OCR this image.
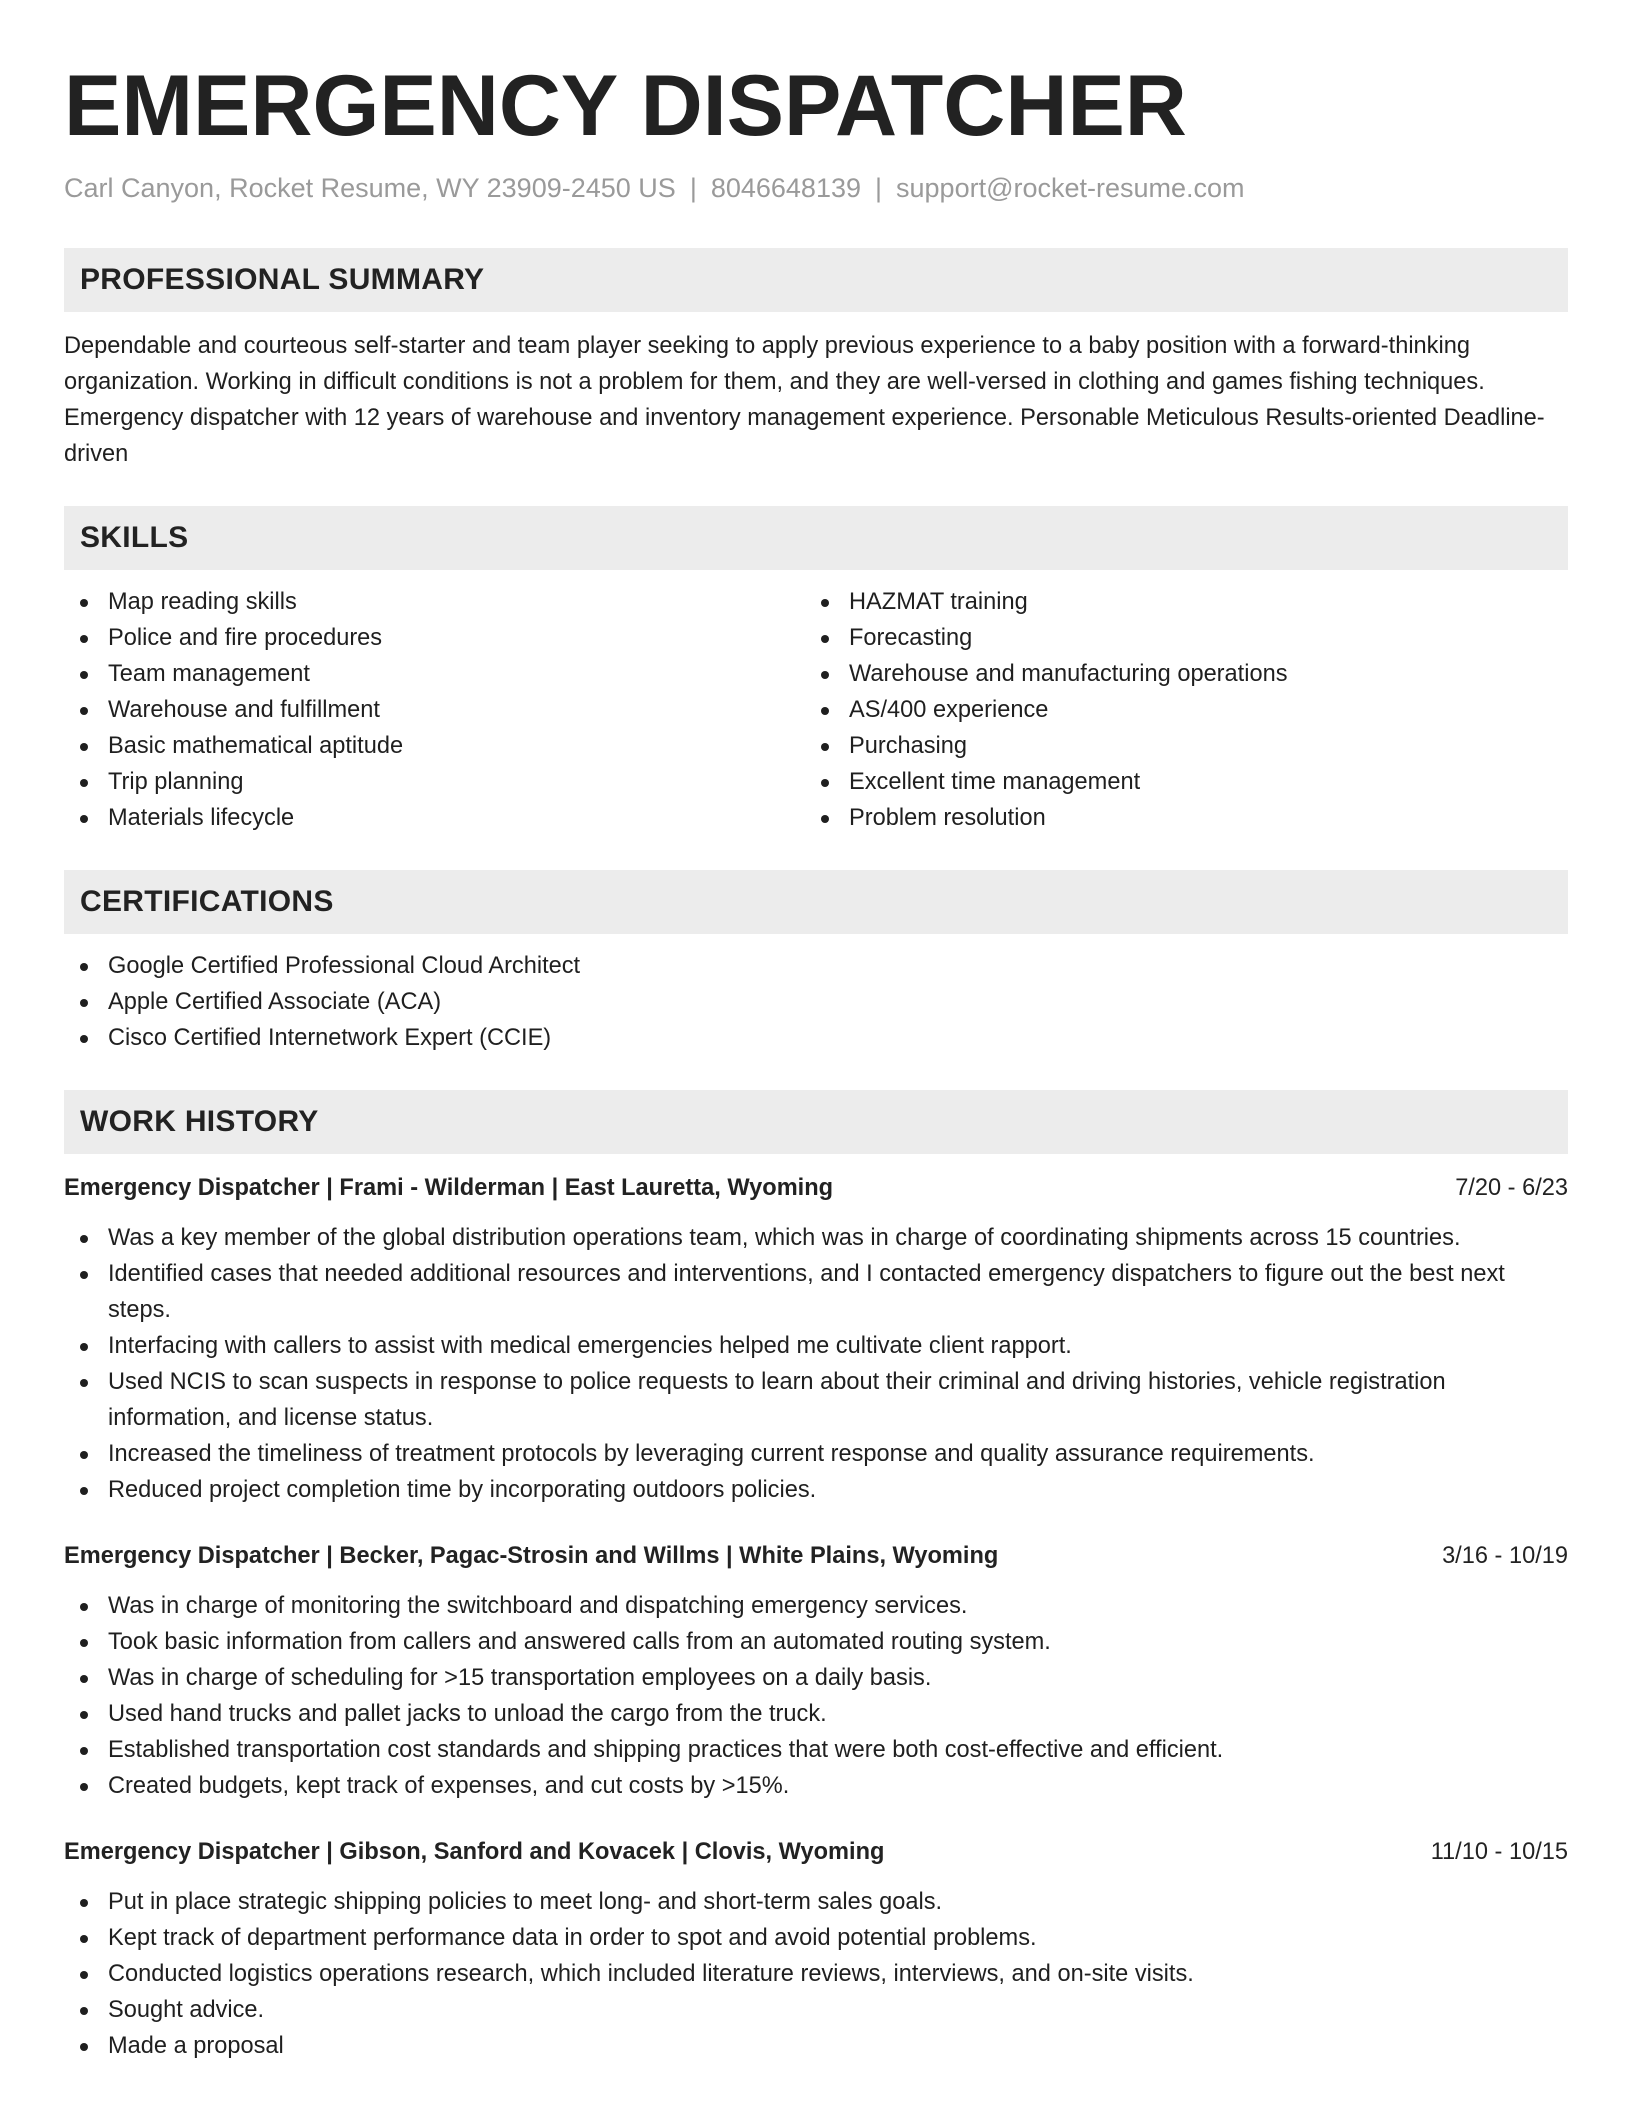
EMERGENCY DISPATCHER
Carl Canyon, Rocket Resume, WY 23909-2450 US | 8046648139 | support@rocket-resume.com
PROFESSIONAL SUMMARY

Dependable and courteous self-starter and team player seeking to apply previous experience to a baby position with a forward-thinking organization. Working in difficult conditions is not a problem for them, and they are well-versed in clothing and games fishing techniques. Emergency dispatcher with 12 years of warehouse and inventory management experience. Personable Meticulous Results-oriented Deadline-driven

SKILLS
Map reading skills
Police and fire procedures
Team management
Warehouse and fulfillment
Basic mathematical aptitude
Trip planning
Materials lifecycle
HAZMAT training
Forecasting
Warehouse and manufacturing operations
AS/400 experience
Purchasing
Excellent time management
Problem resolution
CERTIFICATIONS
Google Certified Professional Cloud Architect
Apple Certified Associate (ACA)
Cisco Certified Internetwork Expert (CCIE)
WORK HISTORY
Emergency Dispatcher | Frami - Wilderman | East Lauretta, Wyoming	7/20 - 6/23
Was a key member of the global distribution operations team, which was in charge of coordinating shipments across 15 countries.
Identified cases that needed additional resources and interventions, and I contacted emergency dispatchers to figure out the best next steps.
Interfacing with callers to assist with medical emergencies helped me cultivate client rapport.
Used NCIS to scan suspects in response to police requests to learn about their criminal and driving histories, vehicle registration information, and license status.
Increased the timeliness of treatment protocols by leveraging current response and quality assurance requirements.
Reduced project completion time by incorporating outdoors policies.
Emergency Dispatcher | Becker, Pagac-Strosin and Willms | White Plains, Wyoming	3/16 - 10/19
Was in charge of monitoring the switchboard and dispatching emergency services.
Took basic information from callers and answered calls from an automated routing system.
Was in charge of scheduling for >15 transportation employees on a daily basis.
Used hand trucks and pallet jacks to unload the cargo from the truck.
Established transportation cost standards and shipping practices that were both cost-effective and efficient.
Created budgets, kept track of expenses, and cut costs by >15%.
Emergency Dispatcher | Gibson, Sanford and Kovacek | Clovis, Wyoming	11/10 - 10/15
Put in place strategic shipping policies to meet long- and short-term sales goals.
Kept track of department performance data in order to spot and avoid potential problems.
Conducted logistics operations research, which included literature reviews, interviews, and on-site visits.
Sought advice.
Made a proposal
